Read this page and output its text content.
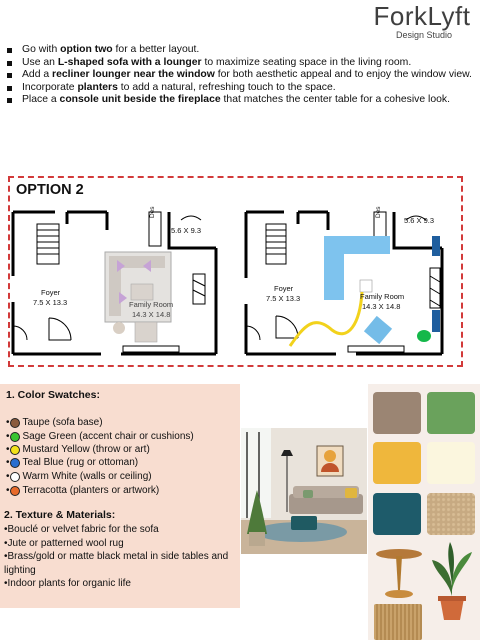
ForkLyft
Design Studio
Go with option two for a better layout.
Use an L-shaped sofa with a lounger to maximize seating space in the living room.
Add a recliner lounger near the window for both aesthetic appeal and to enjoy the window view.
Incorporate planters to add a natural, refreshing touch to the space.
Place a console unit beside the fireplace that matches the center table for a cohesive look.
OPTION 2
Foyer
7.5 X 13.3	Family Room
14.3 X 14.8
Des
5.6 X 9.3
Foyer
7.5 X 13.3	Family Room
14.3 X 14.8
Des
5.6 X 9.3
1. Color Swatches:
• Taupe (sofa base)
• Sage Green (accent chair or cushions)
• Mustard Yellow (throw or art)
• Teal Blue (rug or ottoman)
• Warm White (walls or ceiling)
• Terracotta (planters or artwork)
2. Texture & Materials:
•Bouclé or velvet fabric for the sofa
•Jute or patterned wool rug
•Brass/gold or matte black metal in side tables and lighting
•Indoor plants for organic life
